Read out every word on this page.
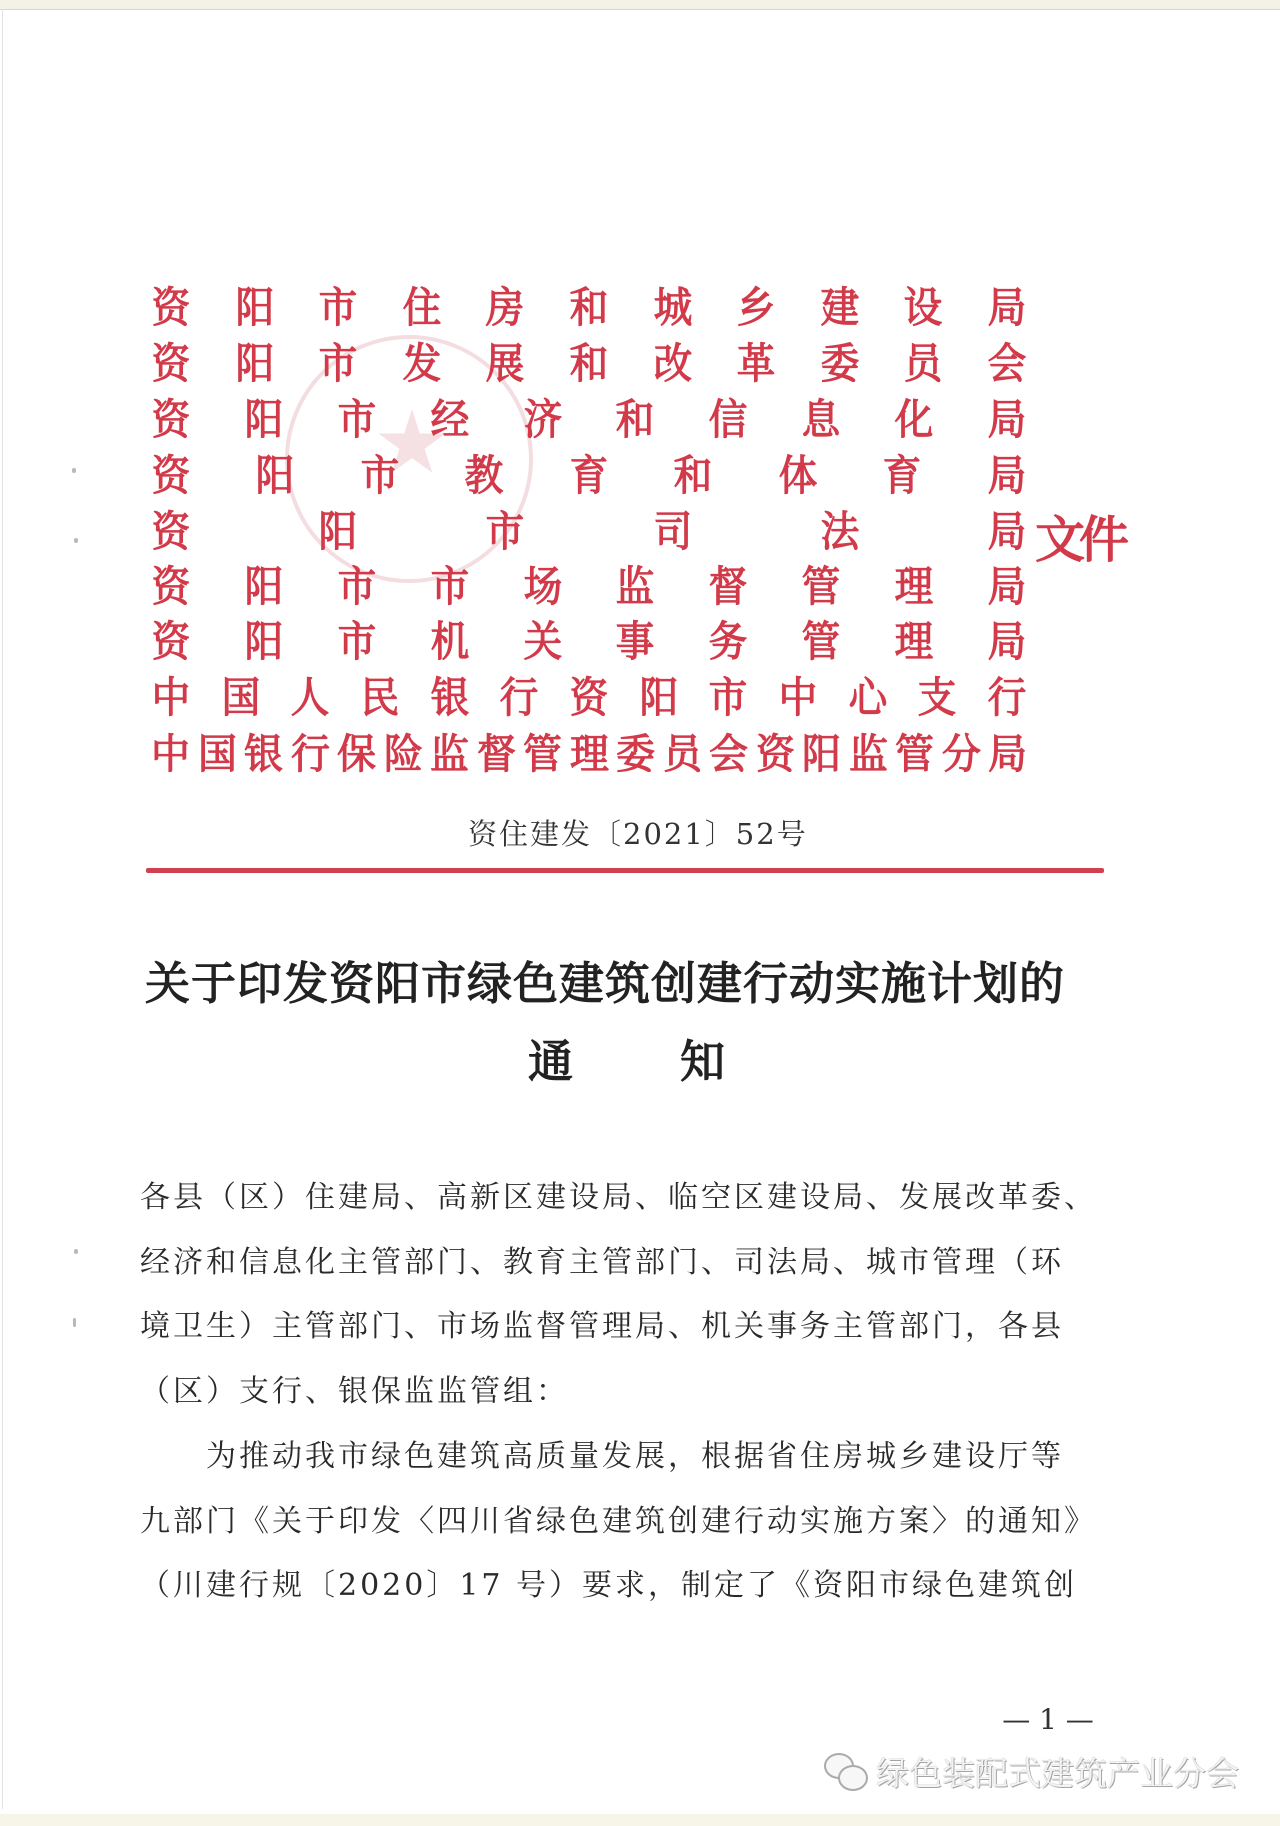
资 阳 市 住 房 和 城 乡 建 设 局
资 阳 市 发 展 和 改 革 委 员 会
资 阳 市 经 济 和 信 息 化 局
资 阳 市 教 育 和 体 育 局
资	阳	市	司	法	局
资 阳 市 市 场 监 督 管 理 局
资 阳 市 机 关 事 务 管 理 局
中 国 人 民 银 行 资 阳 市 中 心 支 行
中 国 银 行 保 险 监 督 管 理 委 员 会 资 阳 监 管 分 局
文件
资住建发〔2021〕52号
关于印发资阳市绿色建筑创建行动实施计划的
通 知
各县（区）住建局、高新区建设局、临空区建设局、发展改革委、
经济和信息化主管部门、教育主管部门、司法局、城市管理（环
境卫生）主管部门、市场监督管理局、机关事务主管部门，各县
（区）支行、银保监监管组：
为推动我市绿色建筑高质量发展，根据省住房城乡建设厅等
九部门《关于印发〈四川省绿色建筑创建行动实施方案〉的通知》
（川建行规〔2020〕17 号）要求，制定了《资阳市绿色建筑创
— 1 —
绿色装配式建筑产业分会
